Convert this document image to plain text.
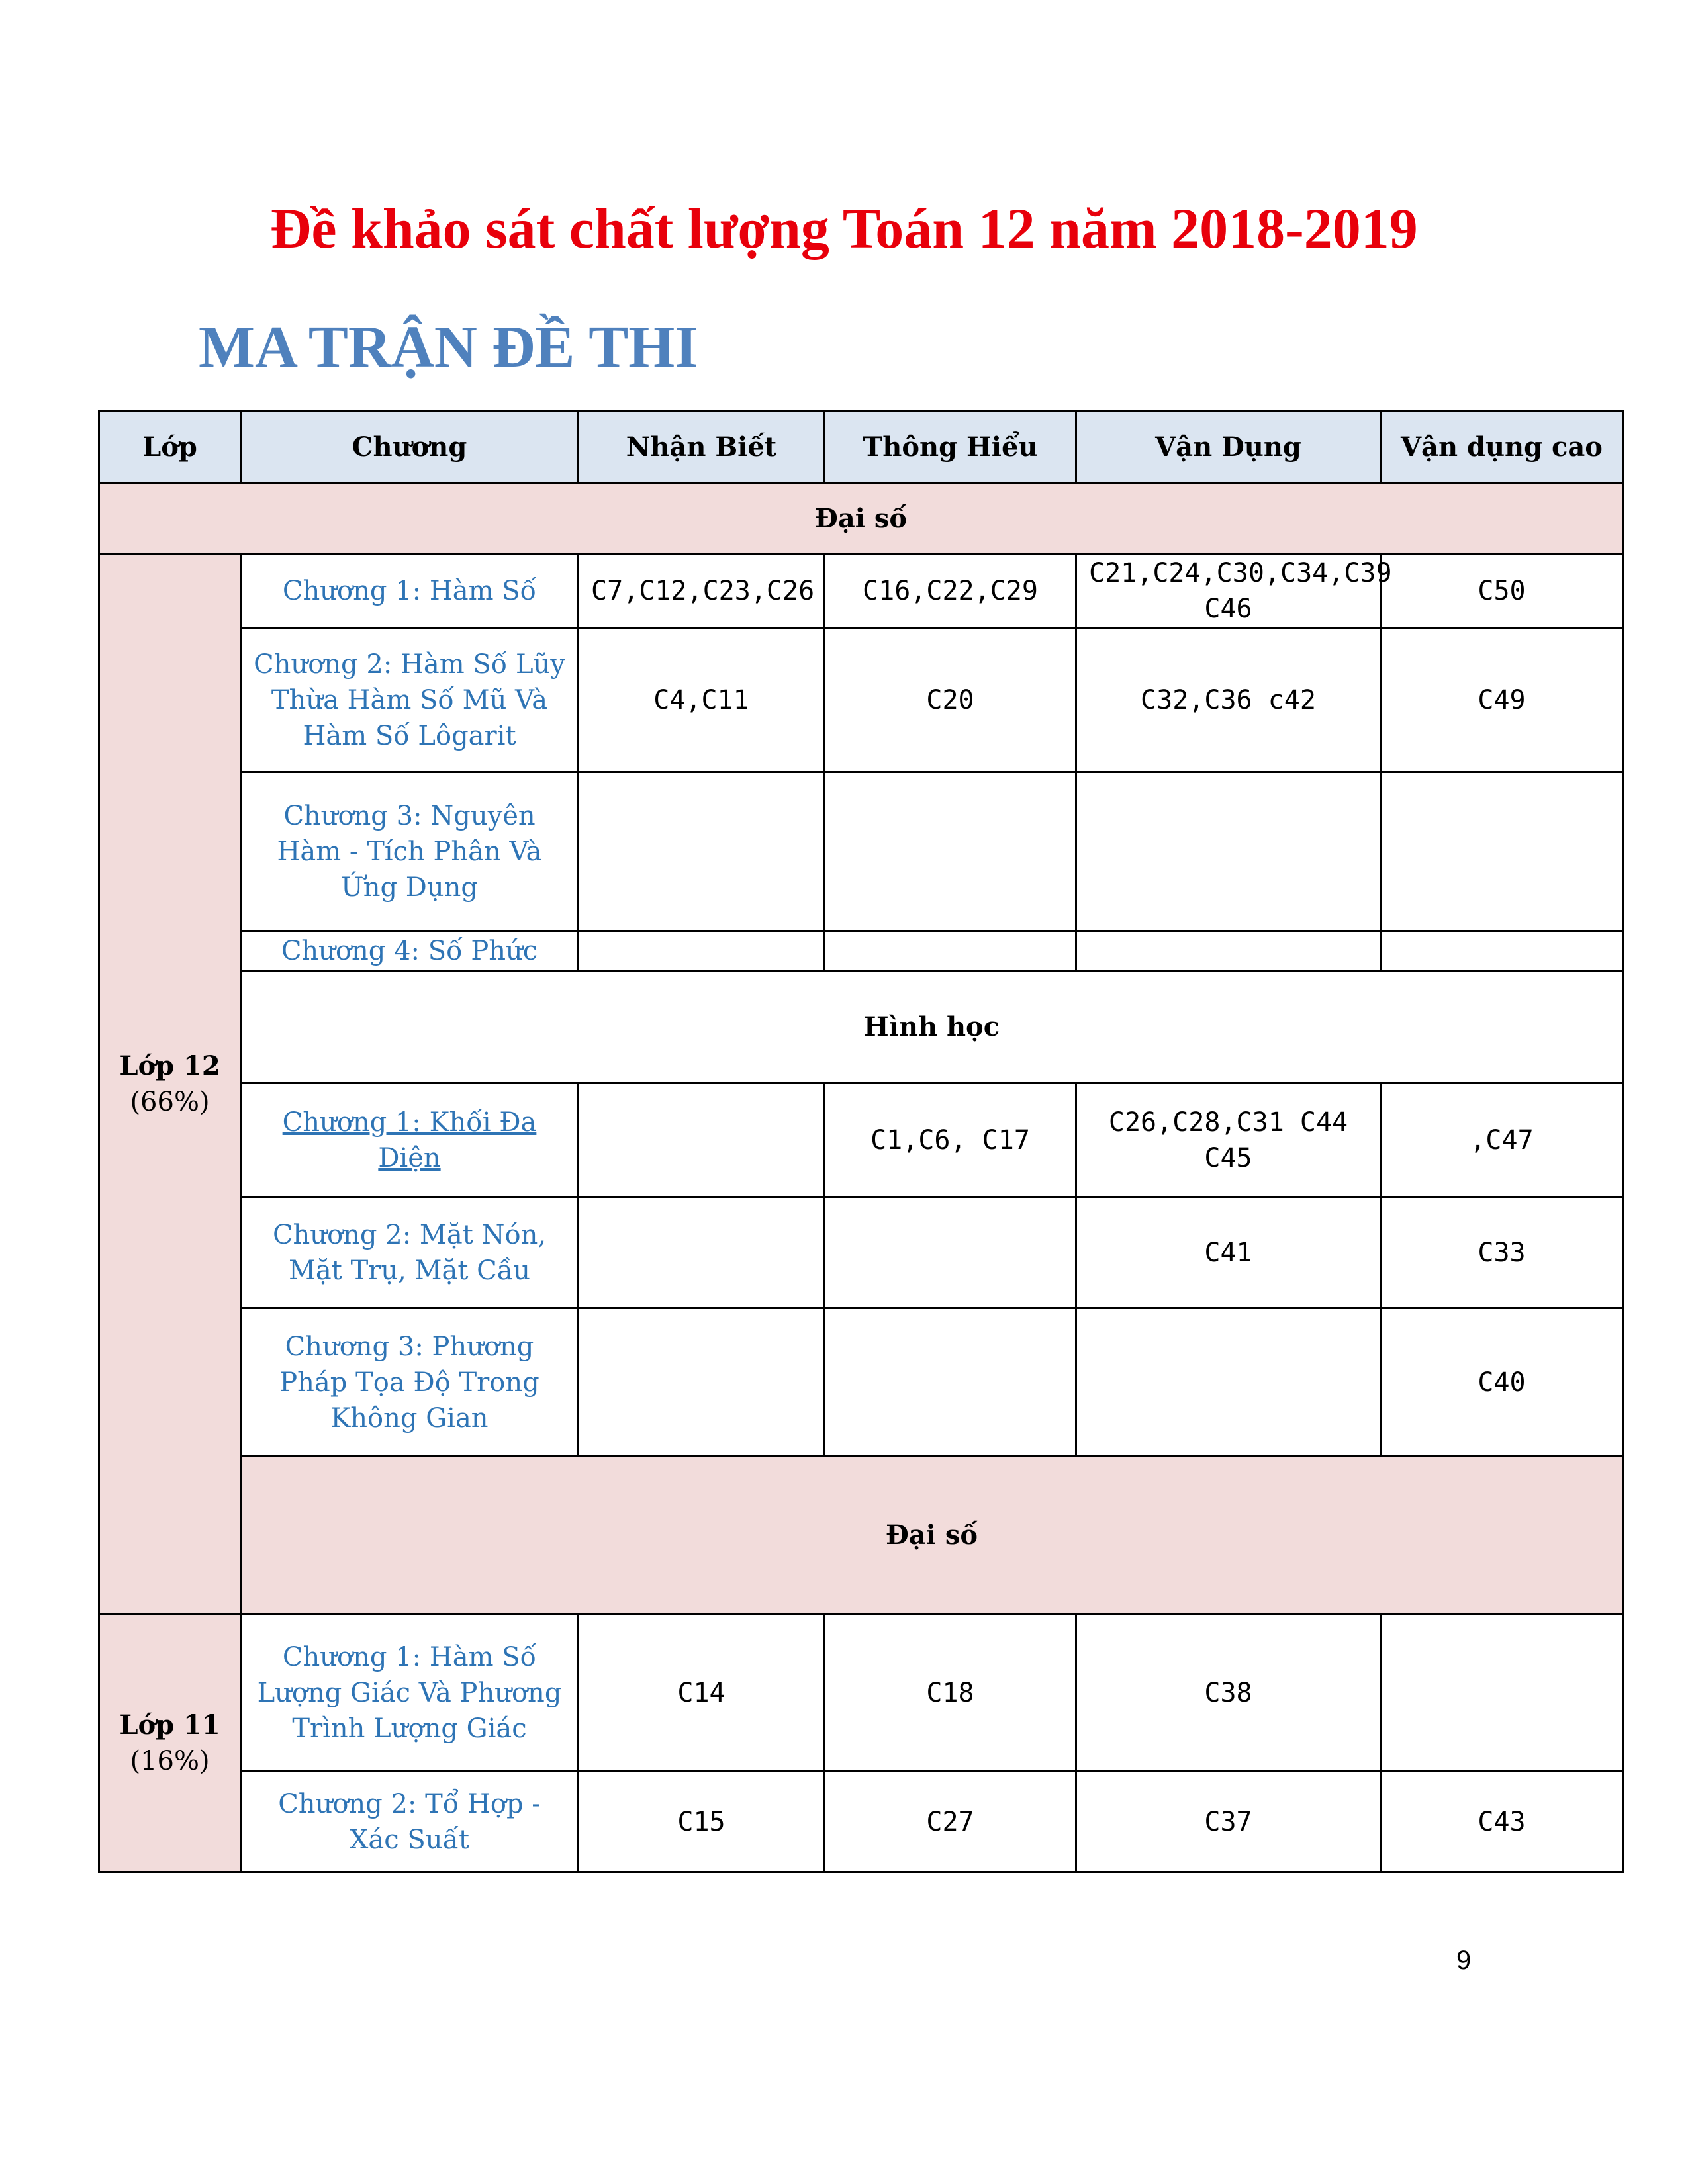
Đề khảo sát chất lượng Toán 12 năm 2018-2019
MA TRẬN ĐỀ THI
Lớp	Chương	Nhận Biết	Thông Hiểu	Vận Dụng	Vận dụng cao
Đại số					

Lớp 12
(66%)	Chương 1: Hàm Số	C7,C12,C23,C26	C16,C22,C29	C21,C24,C30,C34,C39 C46	C50
	Chương 2: Hàm Số Lũy Thừa Hàm Số Mũ Và Hàm Số Lôgarit	C4,C11	C20	C32,C36 c42	C49
	Chương 3: Nguyên Hàm - Tích Phân Và Ứng Dụng				
	Chương 4: Số Phức				
	Hình học				
	Chương 1: Khối Đa Diện		C1,C6, C17	C26,C28,C31 C44 C45	,C47
	Chương 2: Mặt Nón, Mặt Trụ, Mặt Cầu			C41	C33
	Chương 3: Phương Pháp Tọa Độ Trong Không Gian				C40
	Đại số				

Lớp 11
(16%)	Chương 1: Hàm Số Lượng Giác Và Phương Trình Lượng Giác	C14	C18	C38	
	Chương 2: Tổ Hợp - Xác Suất	C15	C27	C37	C43
9
